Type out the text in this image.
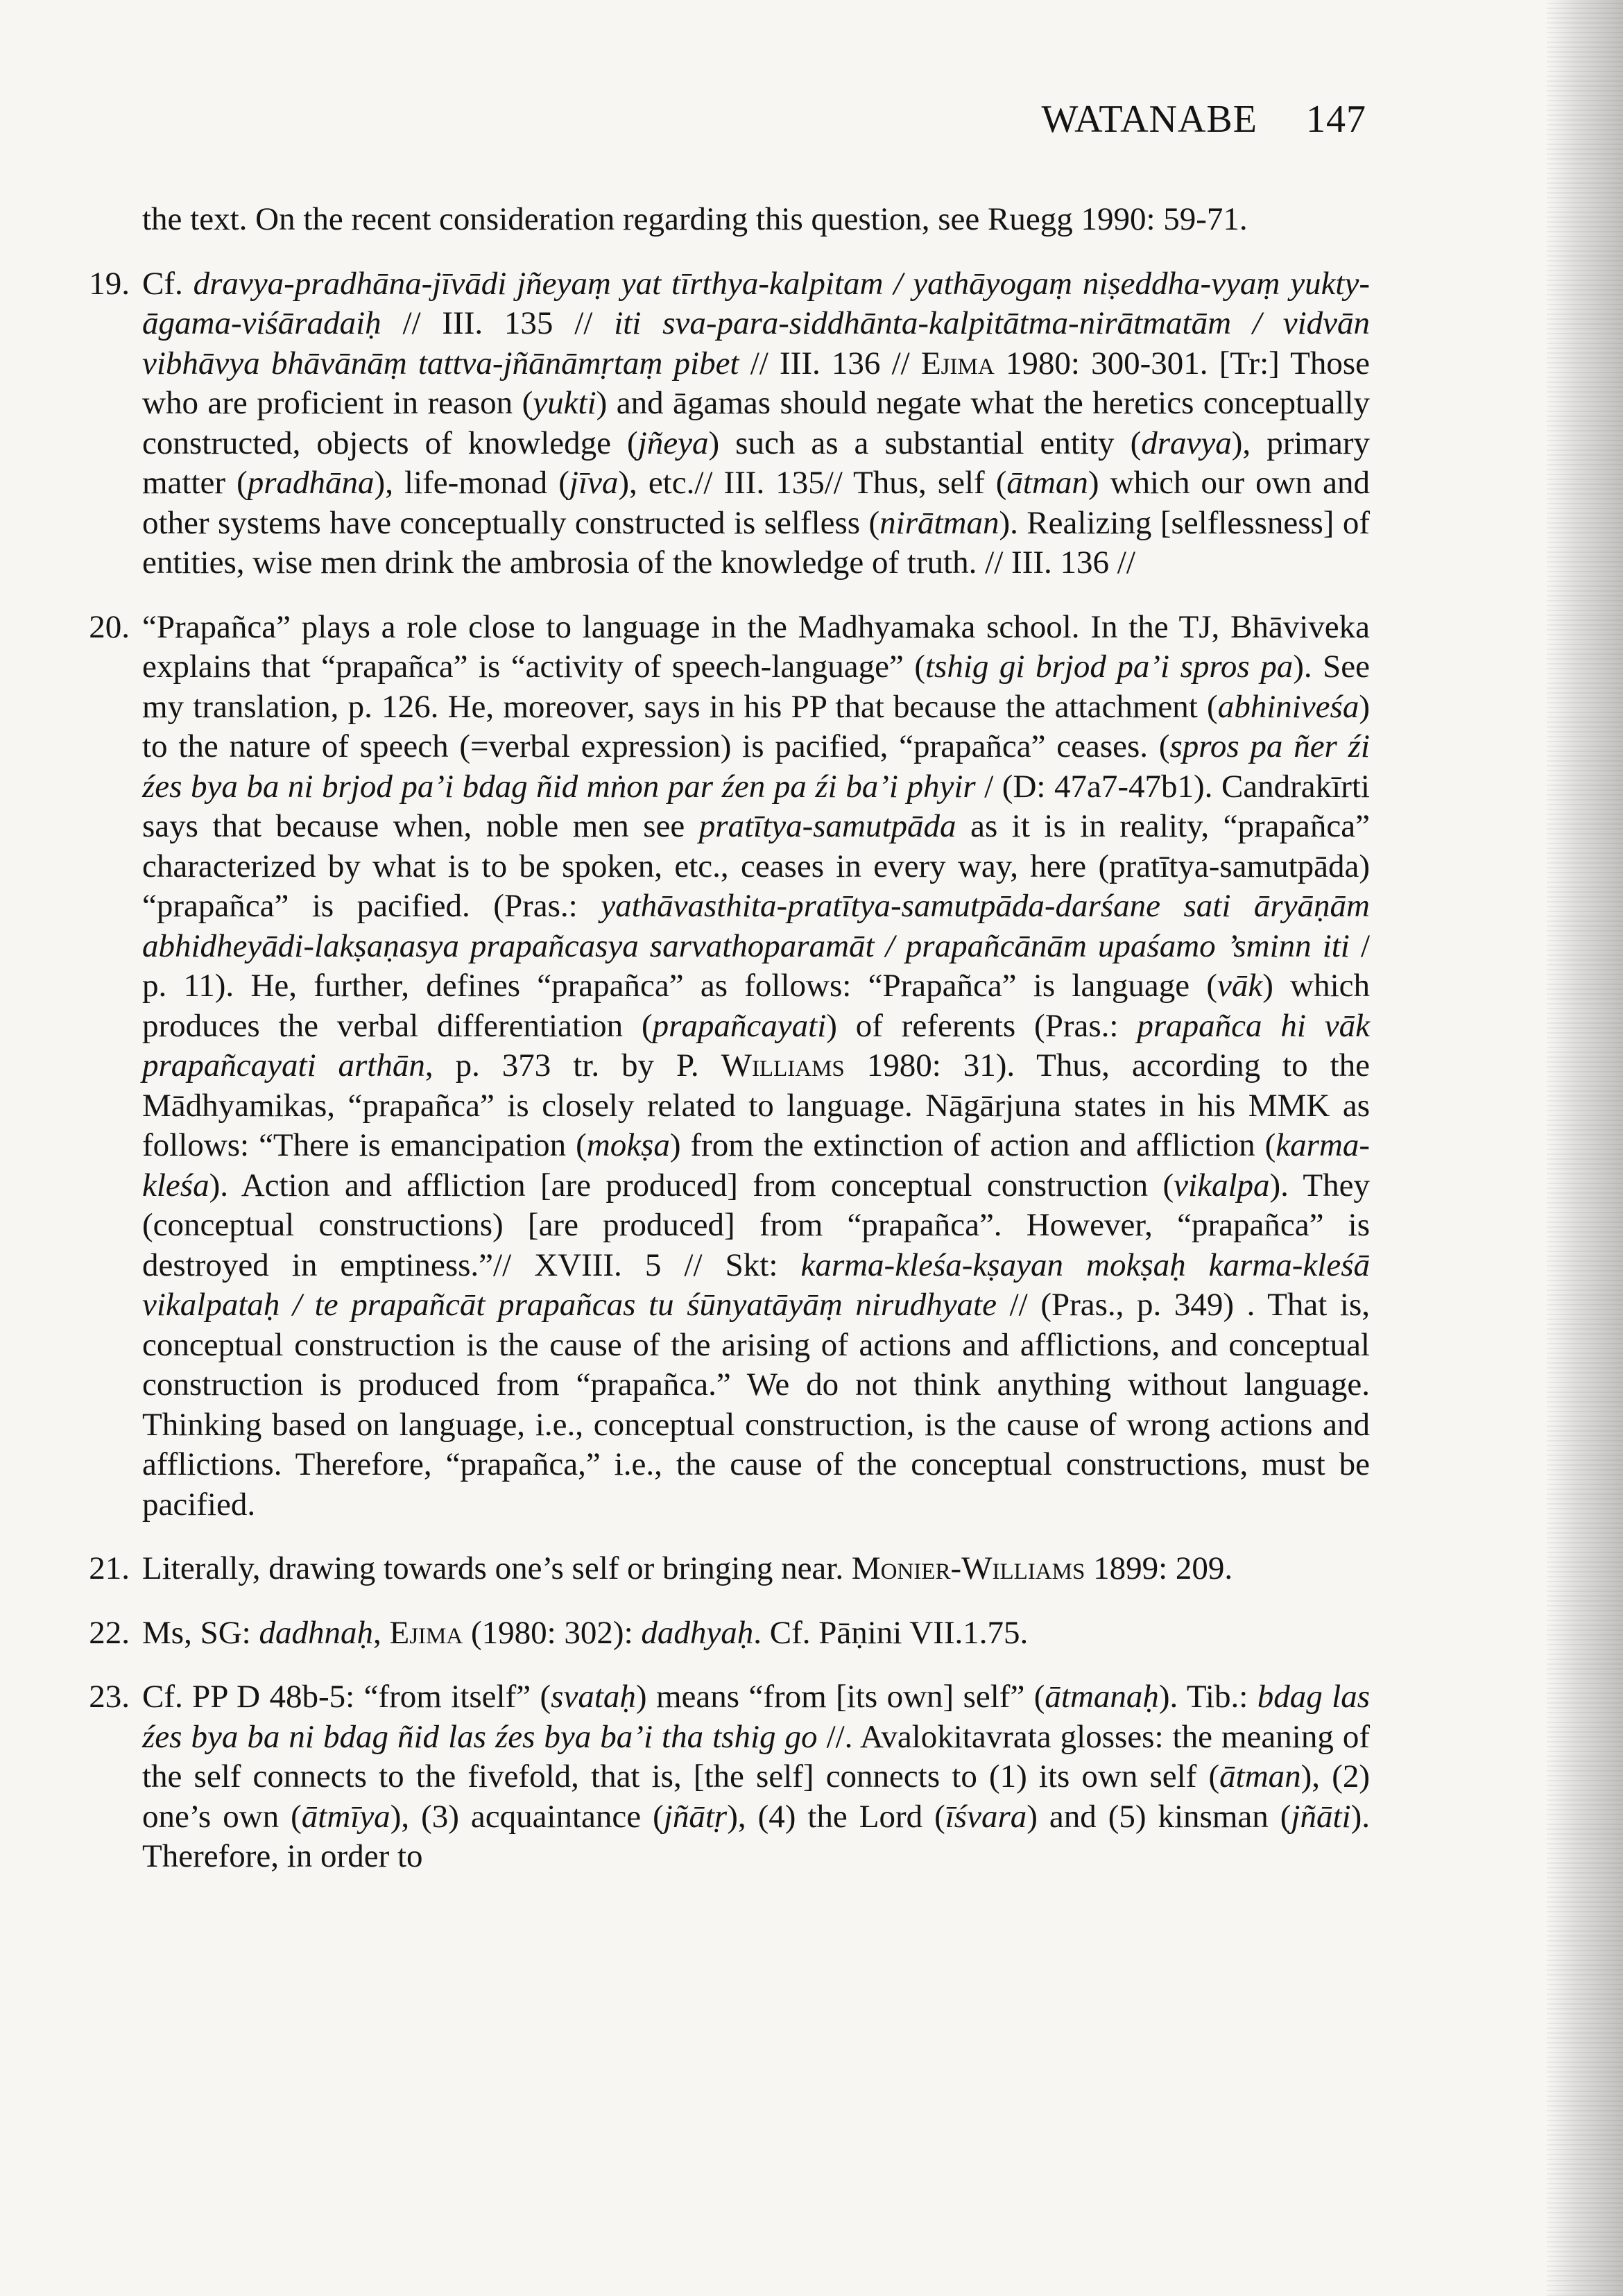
WATANABE 147

the text. On the recent consideration regarding this question, see Ruegg 1990: 59-71.

19. Cf. dravya-pradhāna-jīvādi jñeyaṃ yat tīrthya-kalpitam / yathāyogaṃ niṣeddha-vyaṃ yukty-āgama-viśāradaiḥ // III. 135 // iti sva-para-siddhānta-kalpitātma-nirātmatām / vidvān vibhāvya bhāvānāṃ tattva-jñānāmṛtaṃ pibet // III. 136 // Ejima 1980: 300-301. [Tr:] Those who are proficient in reason (yukti) and āgamas should negate what the heretics conceptually constructed, objects of knowledge (jñeya) such as a substantial entity (dravya), primary matter (pradhāna), life-monad (jīva), etc.// III. 135// Thus, self (ātman) which our own and other systems have conceptually constructed is selfless (nirātman). Realizing [selflessness] of entities, wise men drink the ambrosia of the knowledge of truth. // III. 136 //
20. “Prapañca” plays a role close to language in the Madhyamaka school. In the TJ, Bhāviveka explains that “prapañca” is “activity of speech-language” (tshig gi brjod pa’i spros pa). See my translation, p. 126. He, moreover, says in his PP that because the attachment (abhiniveśa) to the nature of speech (=verbal expression) is pacified, “prapañca” ceases. (spros pa ñer źi źes bya ba ni brjod pa’i bdag ñid mṅon par źen pa źi ba’i phyir / (D: 47a7-47b1). Candrakīrti says that because when, noble men see pratītya-samutpāda as it is in reality, “prapañca” characterized by what is to be spoken, etc., ceases in every way, here (pratītya-samutpāda) “prapañca” is pacified. (Pras.: yathāvasthita-pratītya-samutpāda-darśane sati āryāṇām abhidheyādi-lakṣaṇasya prapañcasya sarvathoparamāt / prapañcānām upaśamo ’sminn iti / p. 11). He, further, defines “prapañca” as follows: “Prapañca” is language (vāk) which produces the verbal differentiation (prapañcayati) of referents (Pras.: prapañca hi vāk prapañcayati arthān, p. 373 tr. by P. Williams 1980: 31). Thus, according to the Mādhyamikas, “prapañca” is closely related to language. Nāgārjuna states in his MMK as follows: “There is emancipation (mokṣa) from the extinction of action and affliction (karma-kleśa). Action and affliction [are produced] from conceptual construction (vikalpa). They (conceptual constructions) [are produced] from “prapañca”. However, “prapañca” is destroyed in emptiness.”// XVIII. 5 // Skt: karma-kleśa-kṣayan mokṣaḥ karma-kleśā vikalpataḥ / te prapañcāt prapañcas tu śūnyatāyāṃ nirudhyate // (Pras., p. 349) . That is, conceptual construction is the cause of the arising of actions and afflictions, and conceptual construction is produced from “prapañca.” We do not think anything without language. Thinking based on language, i.e., conceptual construction, is the cause of wrong actions and afflictions. Therefore, “prapañca,” i.e., the cause of the conceptual constructions, must be pacified.
21. Literally, drawing towards one’s self or bringing near. Monier-Williams 1899: 209.
22. Ms, SG: dadhnaḥ, Ejima (1980: 302): dadhyaḥ. Cf. Pāṇini VII.1.75.
23. Cf. PP D 48b-5: “from itself” (svataḥ) means “from [its own] self” (ātmanaḥ). Tib.: bdag las źes bya ba ni bdag ñid las źes bya ba’i tha tshig go //. Avalokitavrata glosses: the meaning of the self connects to the fivefold, that is, [the self] connects to (1) its own self (ātman), (2) one’s own (ātmīya), (3) acquaintance (jñātṛ), (4) the Lord (īśvara) and (5) kinsman (jñāti). Therefore, in order to
